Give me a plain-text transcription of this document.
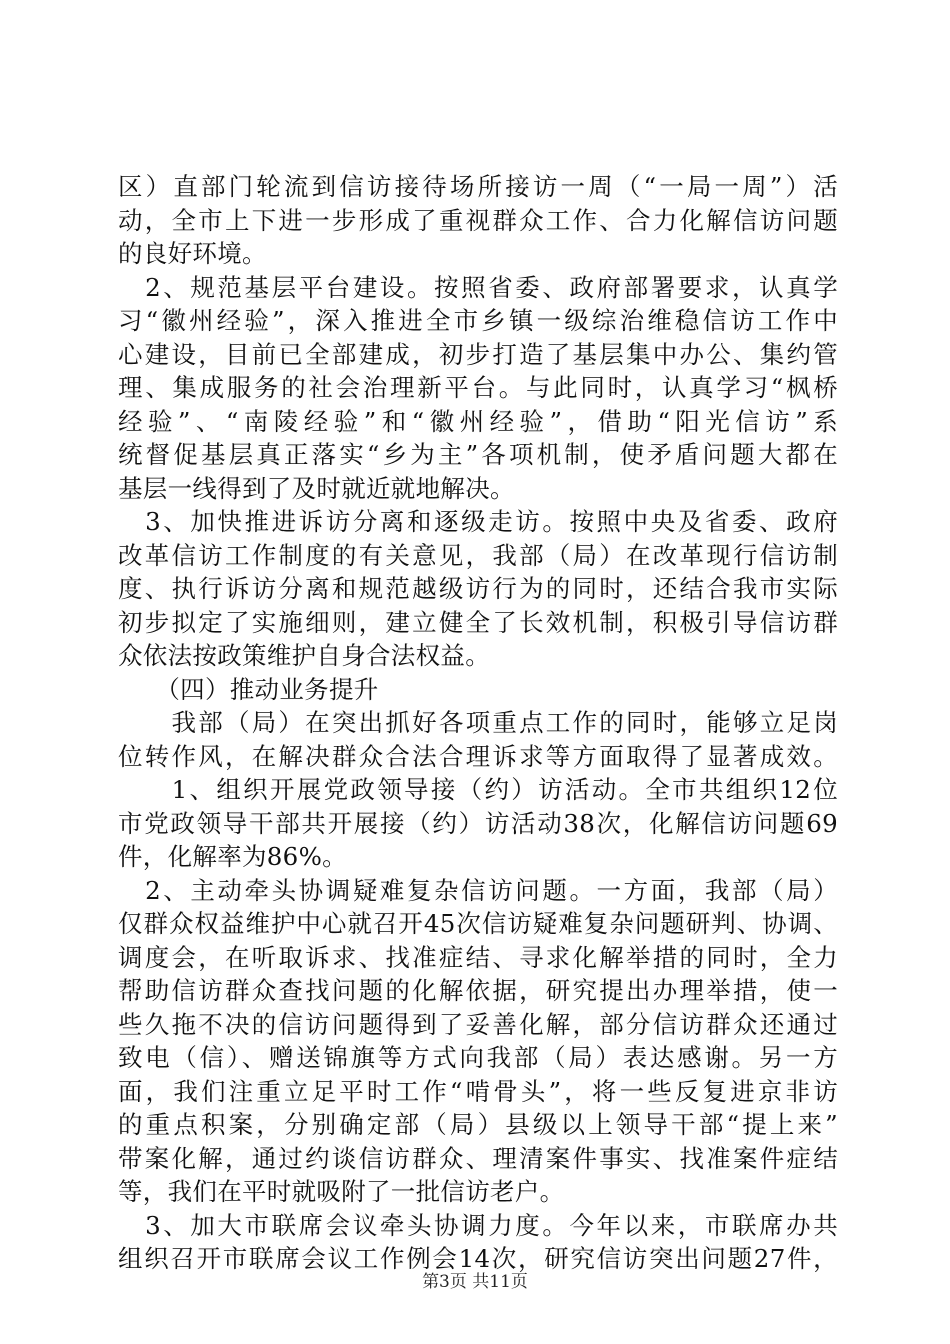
区）直部门轮流到信访接待场所接访一周（“一局一周”）活
动，全市上下进一步形成了重视群众工作、合力化解信访问题
的良好环境。
　2、规范基层平台建设。按照省委、政府部署要求，认真学
习“徽州经验”，深入推进全市乡镇一级综治维稳信访工作中
心建设，目前已全部建成，初步打造了基层集中办公、集约管
理、集成服务的社会治理新平台。与此同时，认真学习“枫桥
经验”、“南陵经验”和“徽州经验”，借助“阳光信访”系
统督促基层真正落实“乡为主”各项机制，使矛盾问题大都在
基层一线得到了及时就近就地解决。
　3、加快推进诉访分离和逐级走访。按照中央及省委、政府
改革信访工作制度的有关意见，我部（局）在改革现行信访制
度、执行诉访分离和规范越级访行为的同时，还结合我市实际
初步拟定了实施细则，建立健全了长效机制，积极引导信访群
众依法按政策维护自身合法权益。
　　（四）推动业务提升
　　我部（局）在突出抓好各项重点工作的同时，能够立足岗
位转作风，在解决群众合法合理诉求等方面取得了显著成效。
　　1、组织开展党政领导接（约）访活动。全市共组织12位
市党政领导干部共开展接（约）访活动38次，化解信访问题69
件，化解率为86%。
　2、主动牵头协调疑难复杂信访问题。一方面，我部（局）
仅群众权益维护中心就召开45次信访疑难复杂问题研判、协调、
调度会，在听取诉求、找准症结、寻求化解举措的同时，全力
帮助信访群众查找问题的化解依据，研究提出办理举措，使一
些久拖不决的信访问题得到了妥善化解，部分信访群众还通过
致电（信）、赠送锦旗等方式向我部（局）表达感谢。另一方
面，我们注重立足平时工作“啃骨头”，将一些反复进京非访
的重点积案，分别确定部（局）县级以上领导干部“提上来”
带案化解，通过约谈信访群众、理清案件事实、找准案件症结
等，我们在平时就吸附了一批信访老户。
　3、加大市联席会议牵头协调力度。今年以来，市联席办共
组织召开市联席会议工作例会14次，研究信访突出问题27件，
第3页 共11页
